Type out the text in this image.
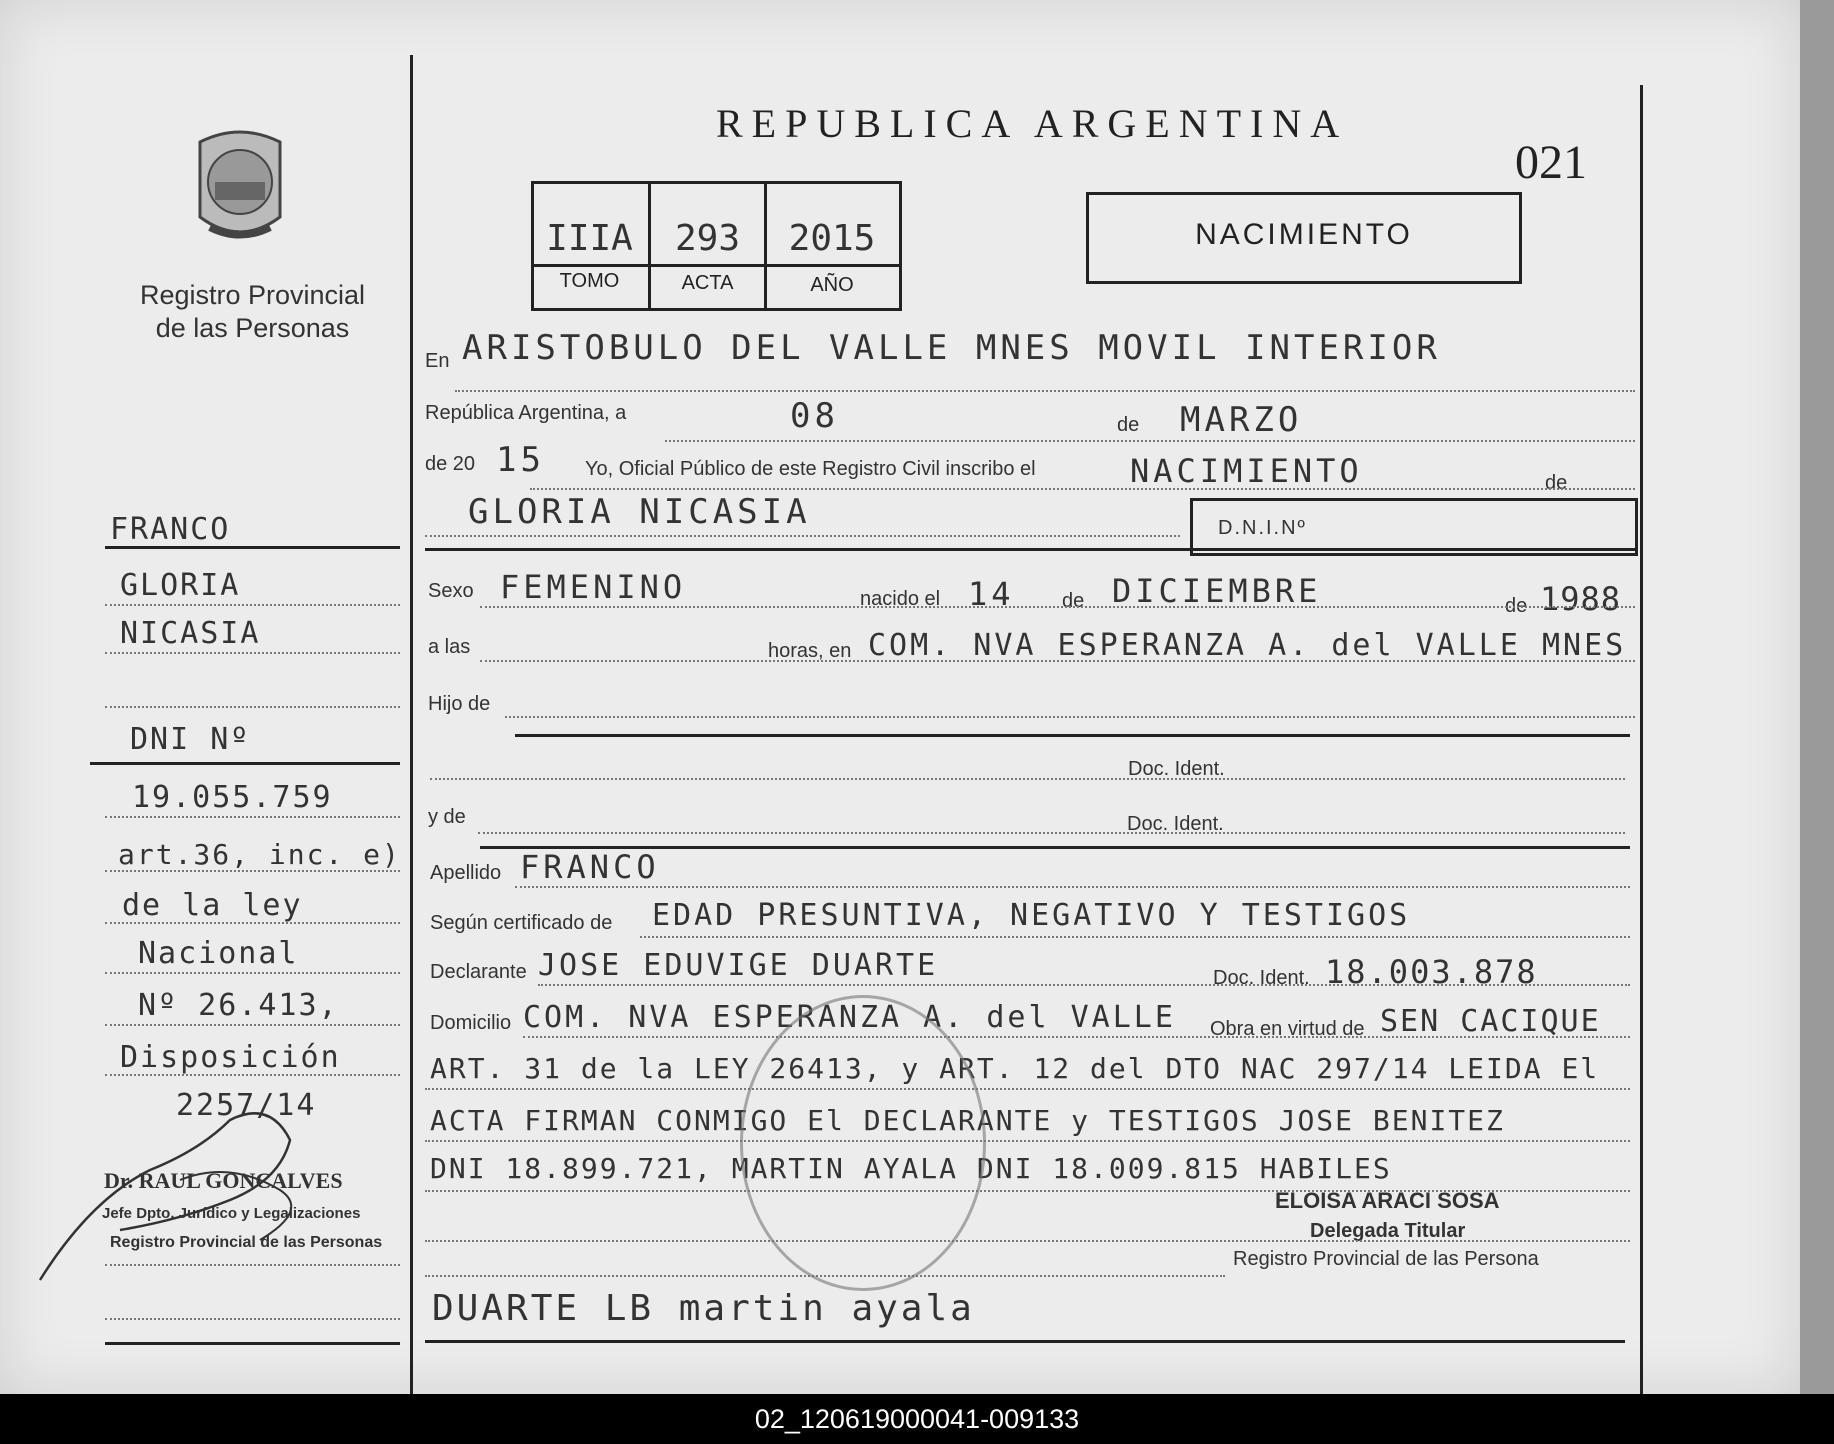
Registro Provincial
de las Personas
REPUBLICA ARGENTINA
021
IIIA	293	2015
TOMO	ACTA	AÑO
NACIMIENTO
En ARISTOBULO DEL VALLE MNES MOVIL INTERIOR
República Argentina, a	08	de MARZO
de 20 15 Yo, Oficial Público de este Registro Civil inscribo el	NACIMIENTO	de
GLORIA NICASIA	D.N.I.Nº
Sexo FEMENINO	nacido el 14 de DICIEMBRE	de 1988
a las	horas, en COM. NVA ESPERANZA A. del VALLE MNES
Hijo de
Doc. Ident.
y de	Doc. Ident.
Apellido FRANCO
Según certificado de EDAD PRESUNTIVA, NEGATIVO Y TESTIGOS
Declarante JOSE EDUVIGE DUARTE	Doc. Ident. 18.003.878
Domicilio COM. NVA ESPERANZA A. del VALLE Obra en virtud de SEN CACIQUE
ART. 31 de la LEY 26413, y ART. 12 del DTO NAC 297/14 LEIDA El
ACTA FIRMAN CONMIGO El DECLARANTE y TESTIGOS JOSE BENITEZ
DNI 18.899.721, MARTIN AYALA DNI 18.009.815 HABILES
ELOISA ARACI SOSA
Delegada Titular
Registro Provincial de las Persona
DUARTE LB martin ayala
FRANCO
GLORIA
NICASIA
DNI Nº
19.055.759
art.36, inc. e)
de la ley
Nacional
Nº 26.413,
Disposición
2257/14
Dr. RAUL GONCALVES
Jefe Dpto. Jurídico y Legalizaciones
Registro Provincial de las Personas
02_120619000041-009133
